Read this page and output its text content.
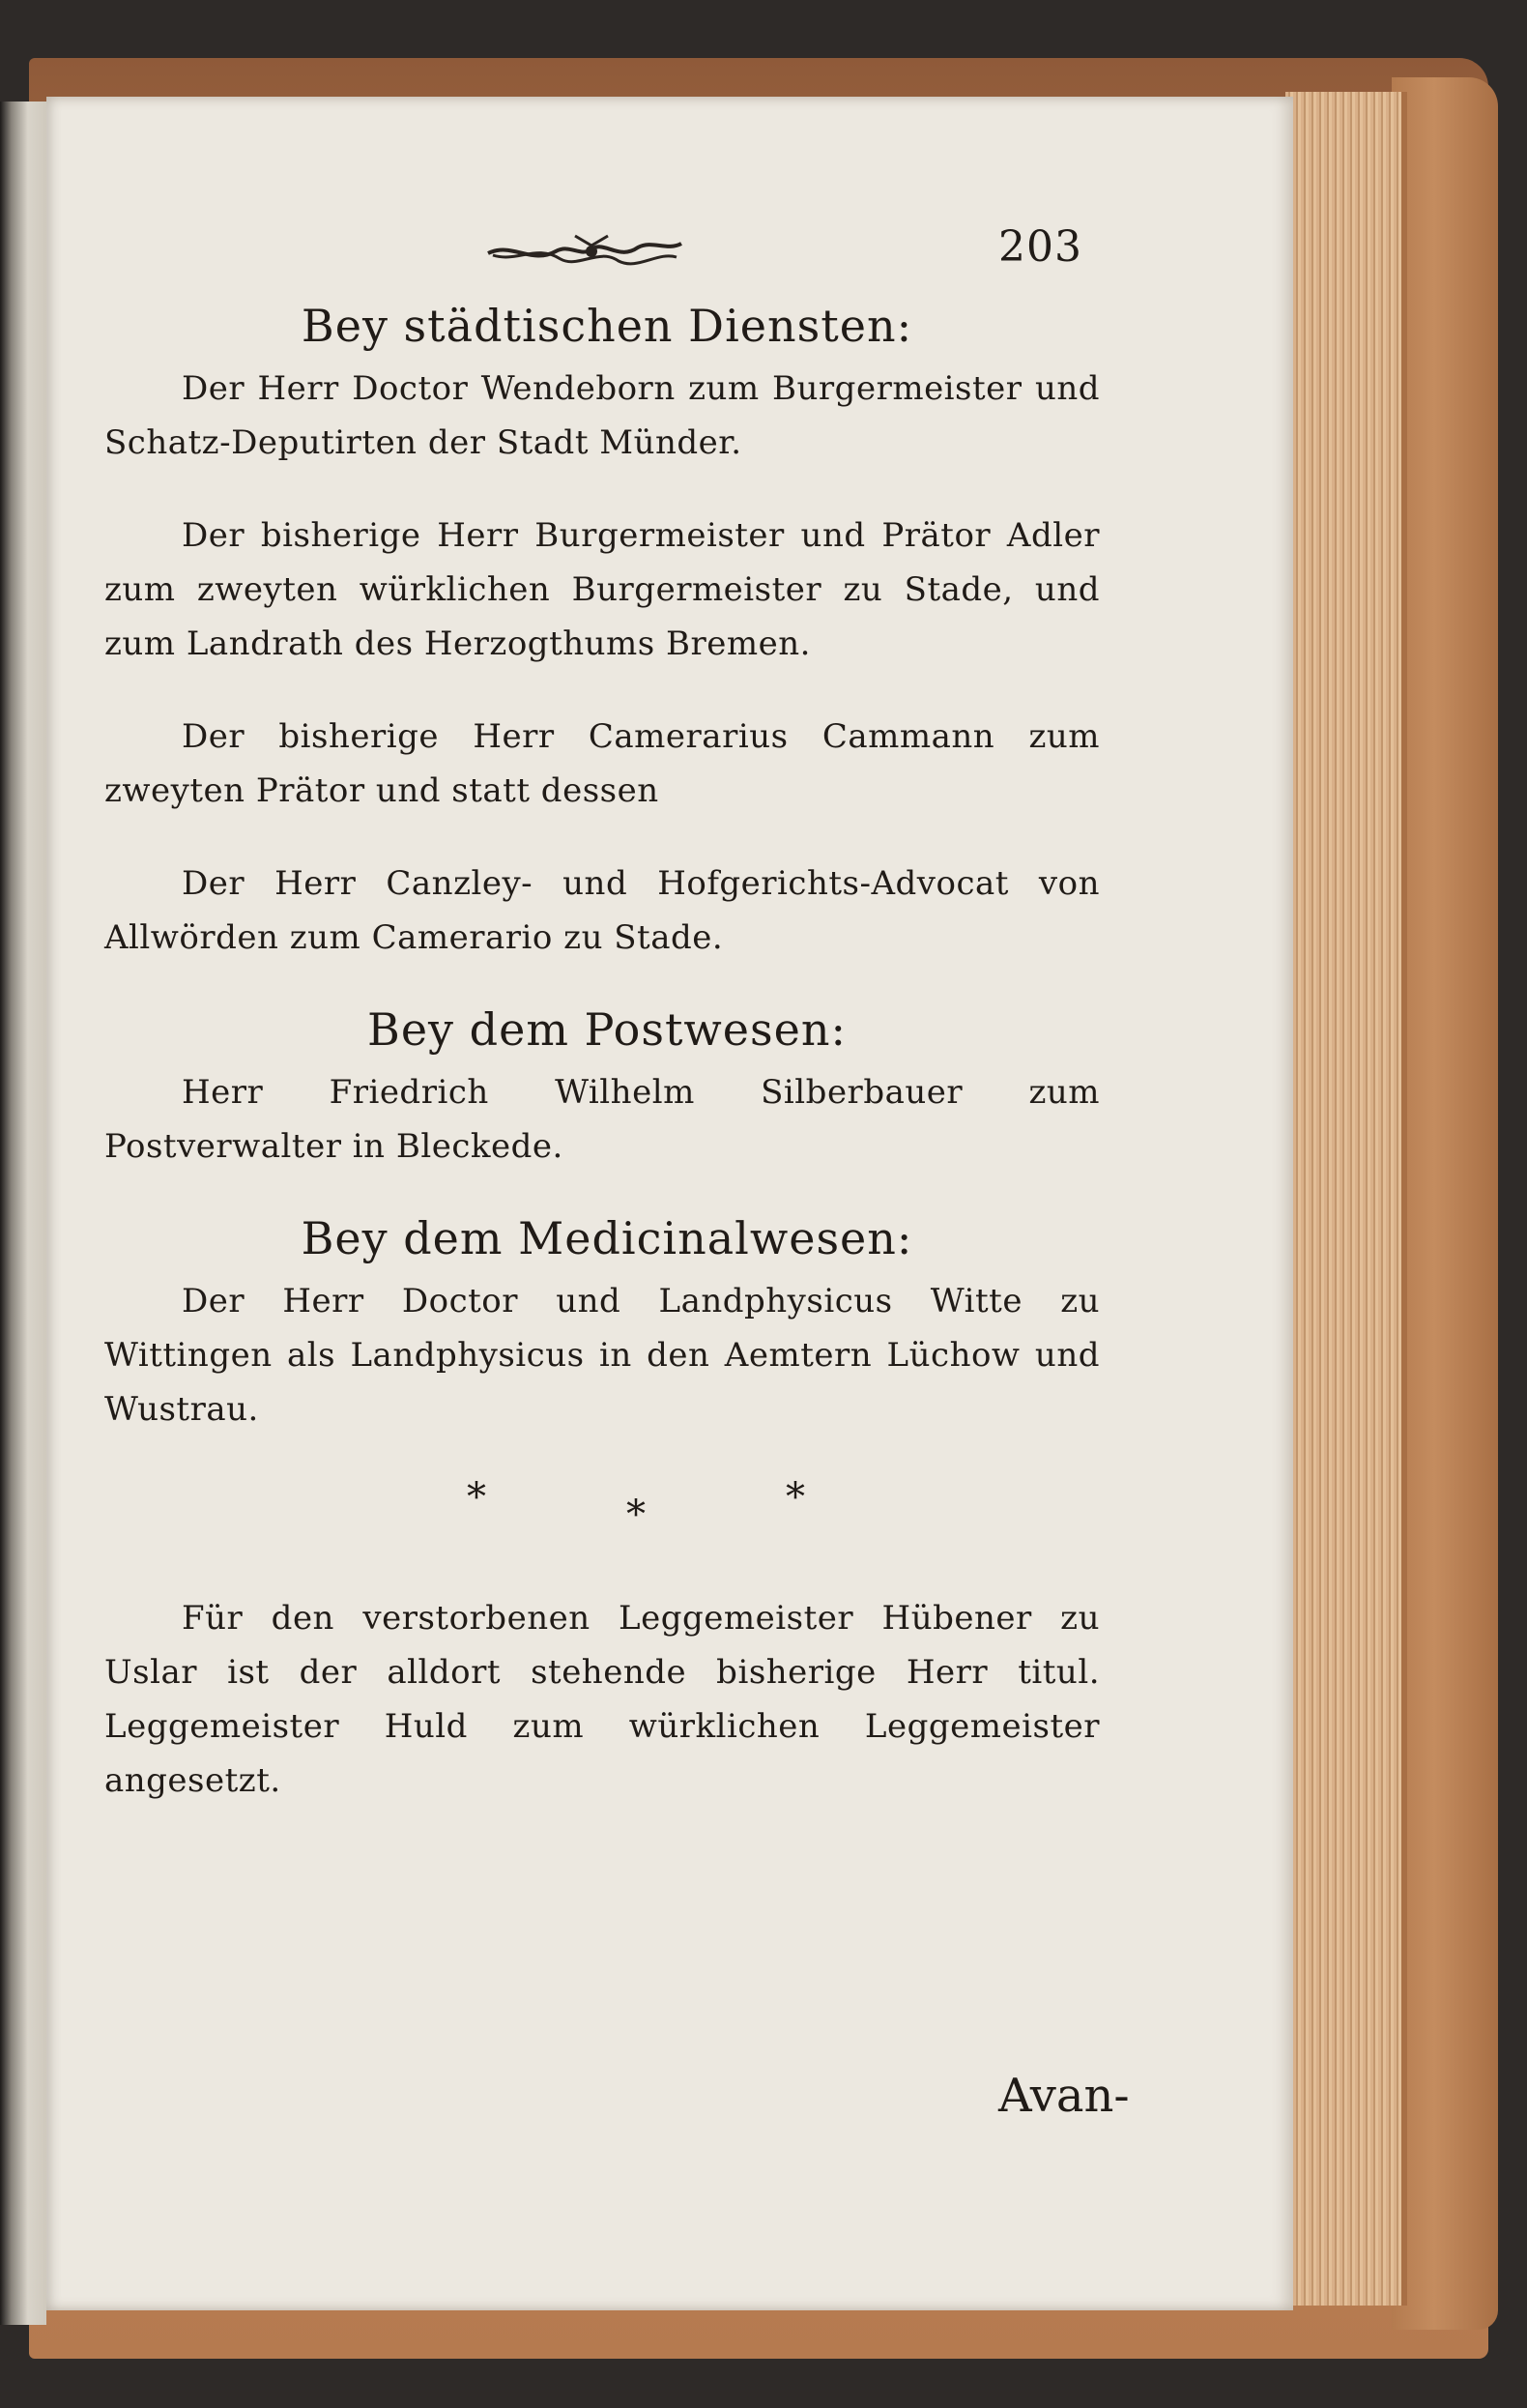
203
Bey städtischen Diensten:

Der Herr Doctor Wendeborn zum Burgermeister und Schatz-Deputirten der Stadt Münder.

Der bisherige Herr Burgermeister und Prätor Adler zum zweyten würklichen Burgermeister zu Stade, und zum Landrath des Herzogthums Bremen.

Der bisherige Herr Camerarius Cammann zum zweyten Prätor und statt dessen

Der Herr Canzley- und Hofgerichts-Advocat von Allwörden zum Camerario zu Stade.

Bey dem Postwesen:

Herr Friedrich Wilhelm Silberbauer zum Postverwalter in Bleckede.

Bey dem Medicinalwesen:

Der Herr Doctor und Landphysicus Witte zu Wittingen als Landphysicus in den Aemtern Lüchow und Wustrau.

*	*	*

Für den verstorbenen Leggemeister Hübener zu Uslar ist der alldort stehende bisherige Herr titul. Leggemeister Huld zum würklichen Leggemeister angesetzt.

Avan-
